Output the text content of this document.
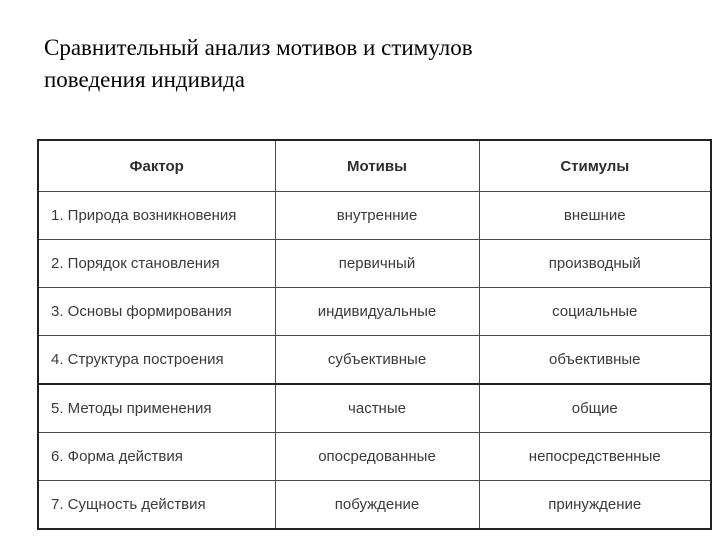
Сравнительный анализ мотивов и стимулов
поведения индивида
Фактор	Мотивы	Стимулы
1. Природа возникновения	внутренние	внешние
2. Порядок становления	первичный	производный
3. Основы формирования	индивидуальные	социальные
4. Структура построения	субъективные	объективные
5. Методы применения	частные	общие
6. Форма действия	опосредованные	непосредственные
7. Сущность действия	побуждение	принуждение
